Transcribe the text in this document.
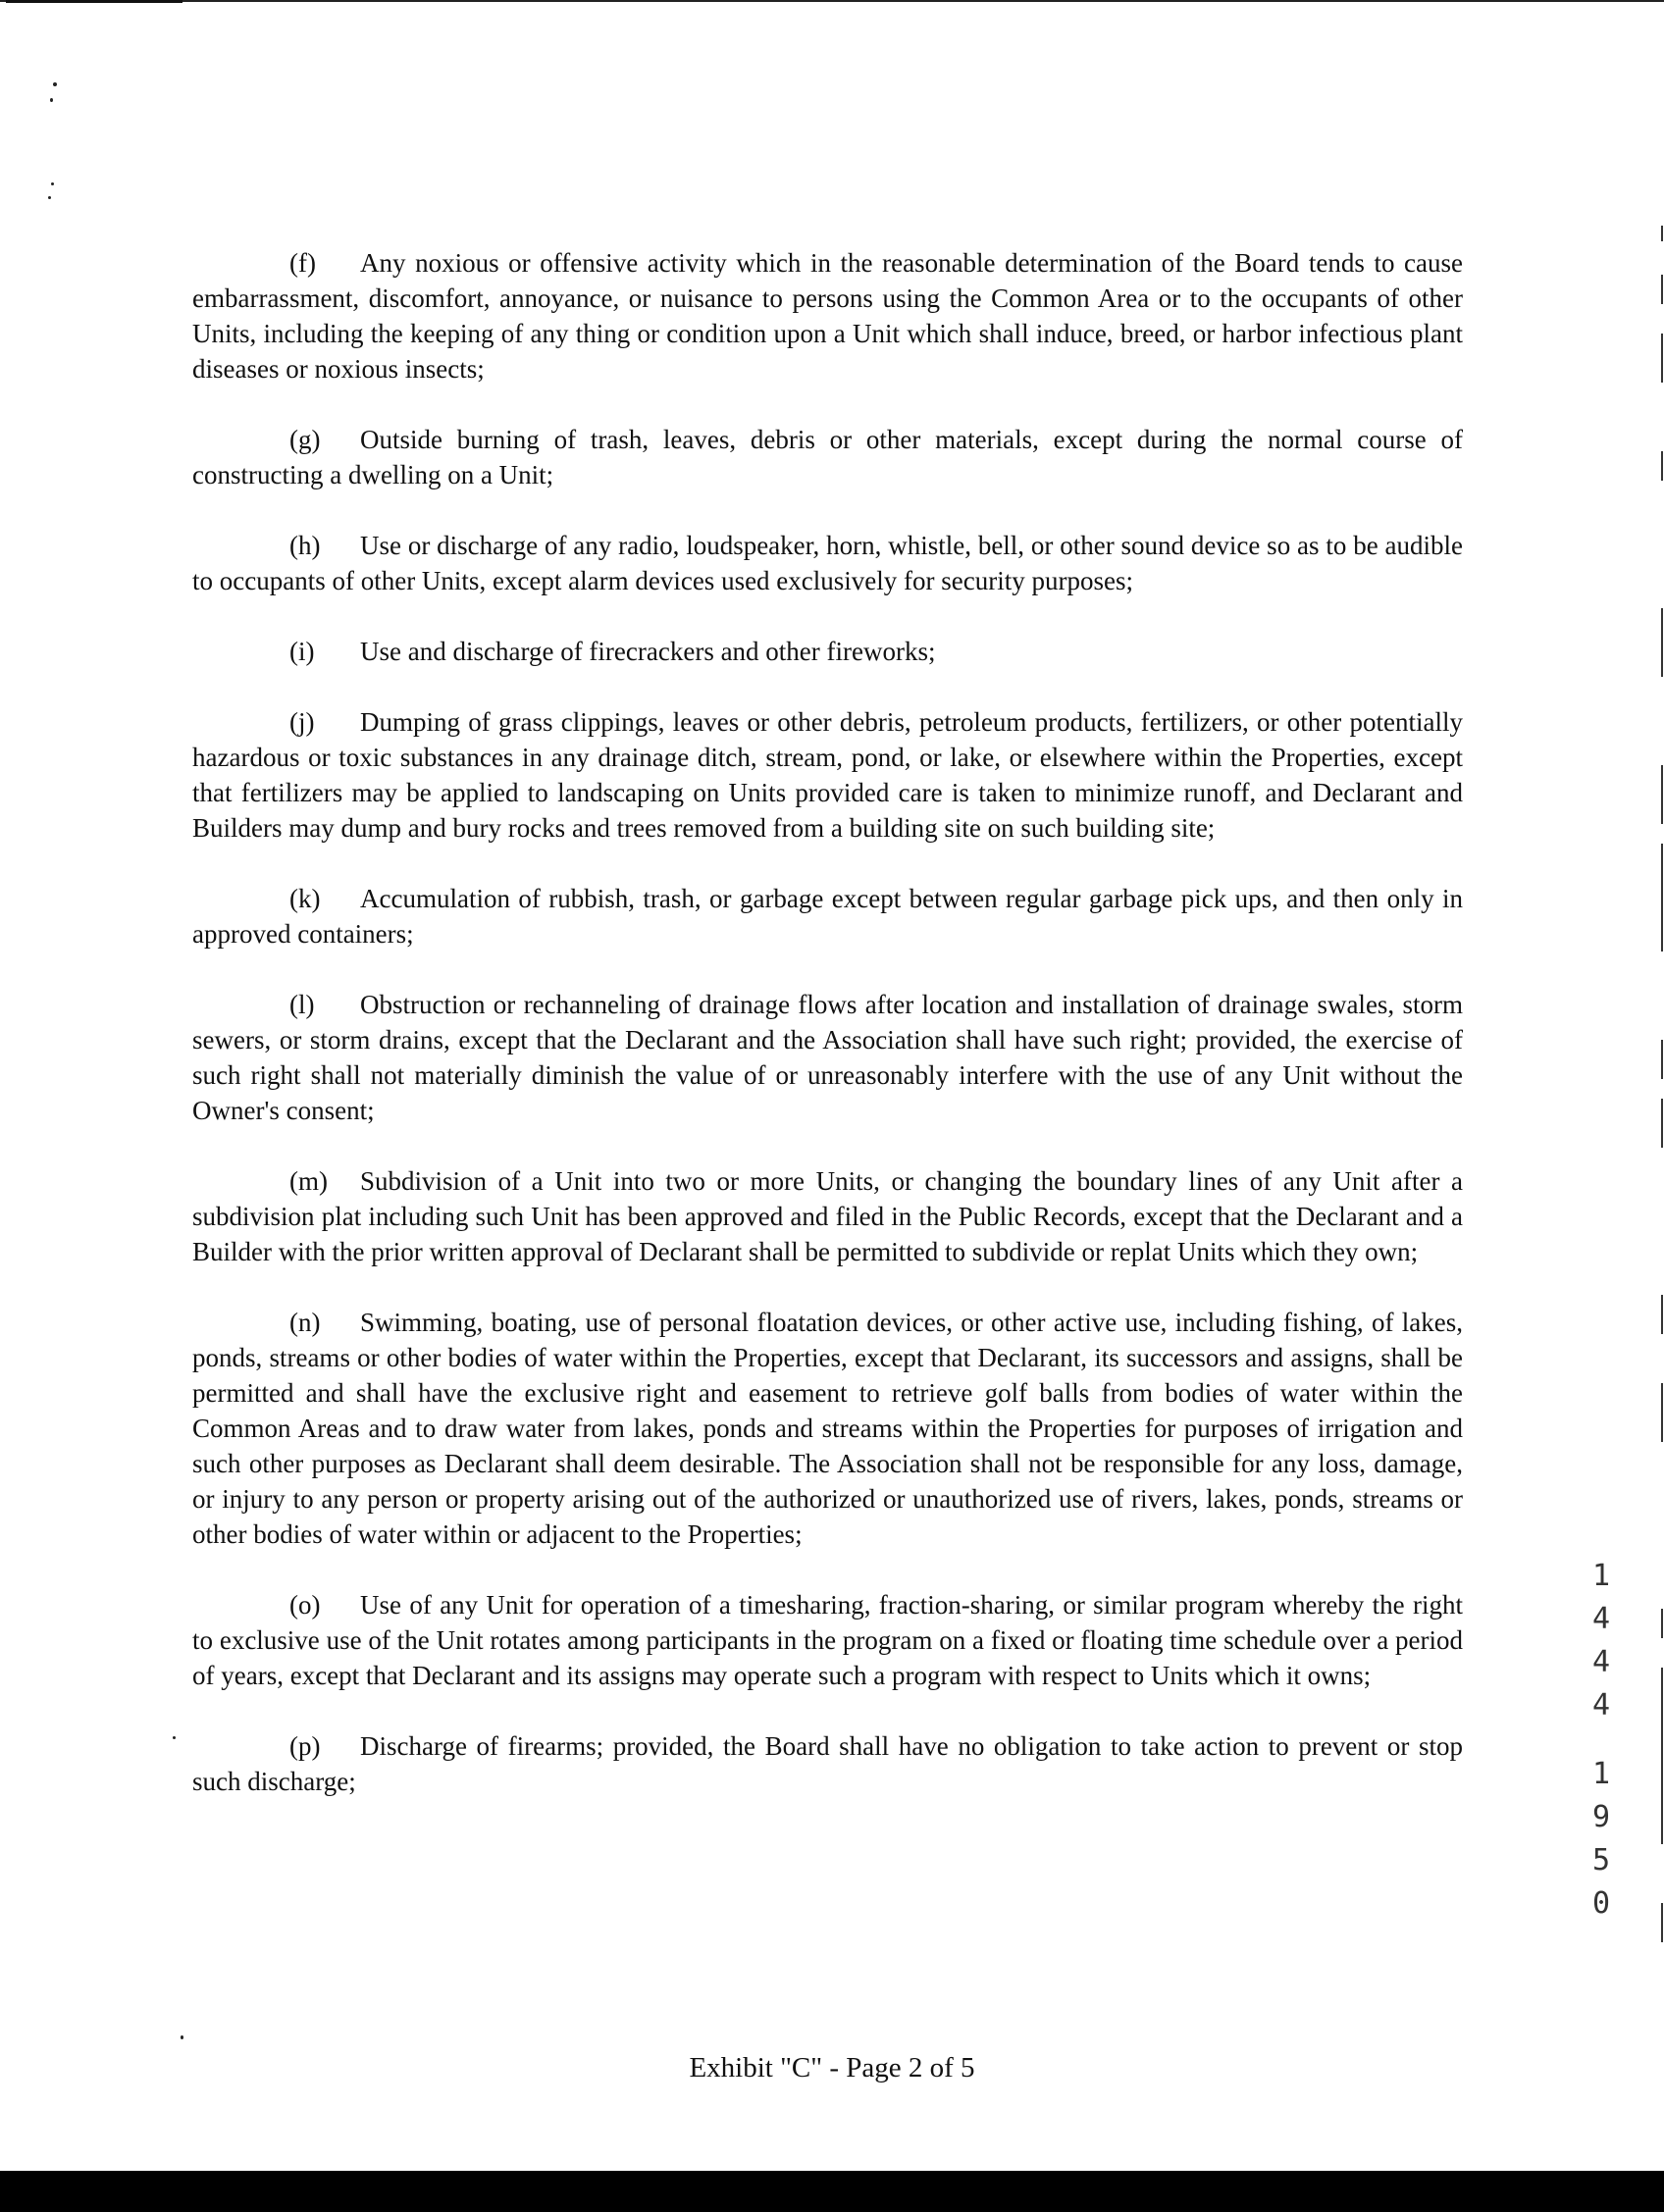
(f) Any noxious or offensive activity which in the reasonable determination of the Board tends to cause embarrassment, discomfort, annoyance, or nuisance to persons using the Common Area or to the occupants of other Units, including the keeping of any thing or condition upon a Unit which shall induce, breed, or harbor infectious plant diseases or noxious insects;

(g) Outside burning of trash, leaves, debris or other materials, except during the normal course of constructing a dwelling on a Unit;

(h) Use or discharge of any radio, loudspeaker, horn, whistle, bell, or other sound device so as to be audible to occupants of other Units, except alarm devices used exclusively for security purposes;

(i) Use and discharge of firecrackers and other fireworks;

(j) Dumping of grass clippings, leaves or other debris, petroleum products, fertilizers, or other potentially hazardous or toxic substances in any drainage ditch, stream, pond, or lake, or elsewhere within the Properties, except that fertilizers may be applied to landscaping on Units provided care is taken to minimize runoff, and Declarant and Builders may dump and bury rocks and trees removed from a building site on such building site;

(k) Accumulation of rubbish, trash, or garbage except between regular garbage pick ups, and then only in approved containers;

(l) Obstruction or rechanneling of drainage flows after location and installation of drainage swales, storm sewers, or storm drains, except that the Declarant and the Association shall have such right; provided, the exercise of such right shall not materially diminish the value of or unreasonably interfere with the use of any Unit without the Owner's consent;

(m) Subdivision of a Unit into two or more Units, or changing the boundary lines of any Unit after a subdivision plat including such Unit has been approved and filed in the Public Records, except that the Declarant and a Builder with the prior written approval of Declarant shall be permitted to subdivide or replat Units which they own;

(n) Swimming, boating, use of personal floatation devices, or other active use, including fishing, of lakes, ponds, streams or other bodies of water within the Properties, except that Declarant, its successors and assigns, shall be permitted and shall have the exclusive right and easement to retrieve golf balls from bodies of water within the Common Areas and to draw water from lakes, ponds and streams within the Properties for purposes of irrigation and such other purposes as Declarant shall deem desirable. The Association shall not be responsible for any loss, damage, or injury to any person or property arising out of the authorized or unauthorized use of rivers, lakes, ponds, streams or other bodies of water within or adjacent to the Properties;

(o) Use of any Unit for operation of a timesharing, fraction-sharing, or similar program whereby the right to exclusive use of the Unit rotates among participants in the program on a fixed or floating time schedule over a period of years, except that Declarant and its assigns may operate such a program with respect to Units which it owns;

(p) Discharge of firearms; provided, the Board shall have no obligation to take action to prevent or stop such discharge;

1
4
4
4
1
9
5
0
Exhibit "C" - Page 2 of 5
